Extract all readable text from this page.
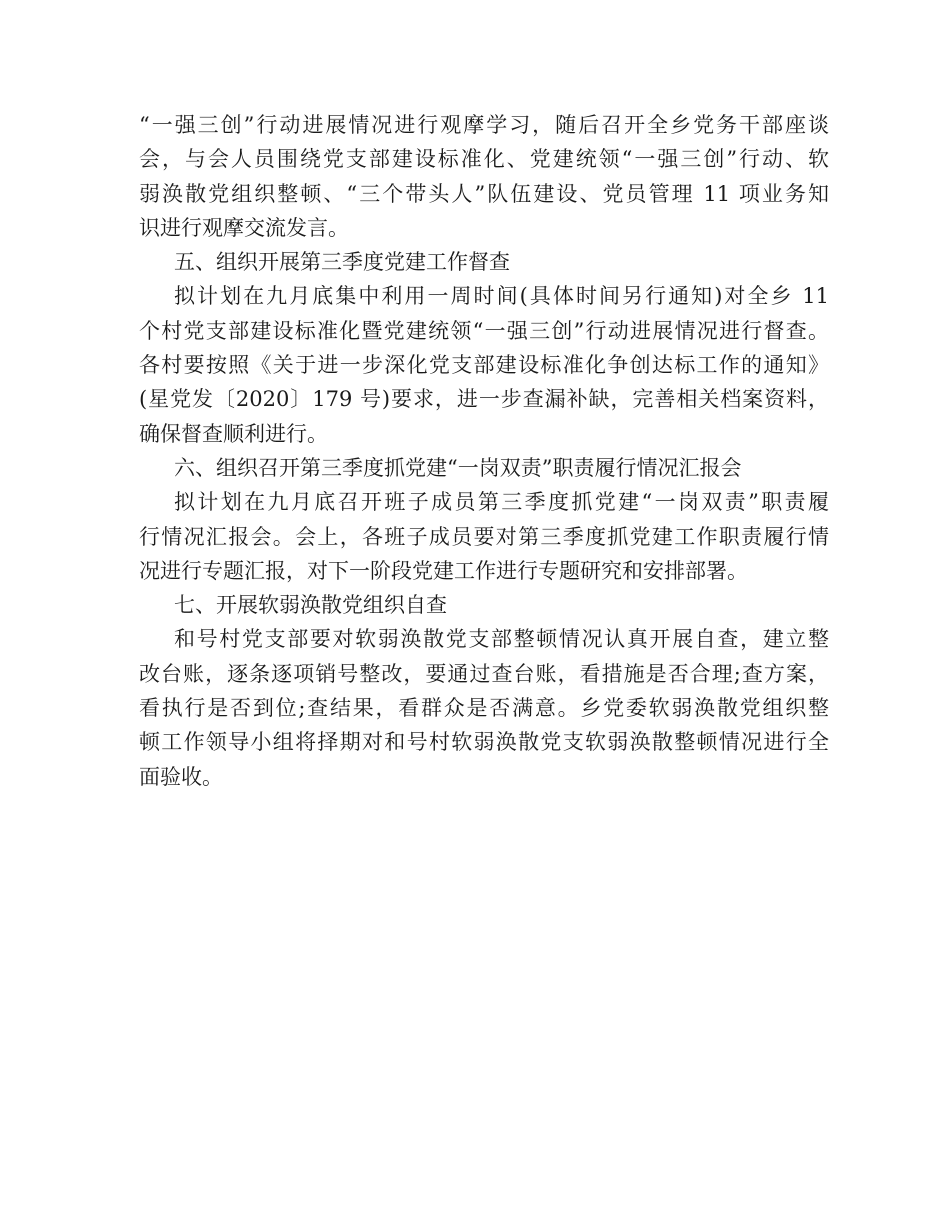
“一强三创”行动进展情况进行观摩学习，随后召开全乡党务干部座谈
会，与会人员围绕党支部建设标准化、党建统领“一强三创”行动、软
弱涣散党组织整顿、“三个带头人”队伍建设、党员管理 11 项业务知
识进行观摩交流发言。
五、组织开展第三季度党建工作督查
拟计划在九月底集中利用一周时间(具体时间另行通知)对全乡 11
个村党支部建设标准化暨党建统领“一强三创”行动进展情况进行督查。
各村要按照《关于进一步深化党支部建设标准化争创达标工作的通知》
(星党发〔2020〕179 号)要求，进一步查漏补缺，完善相关档案资料，
确保督查顺利进行。
六、组织召开第三季度抓党建“一岗双责”职责履行情况汇报会
拟计划在九月底召开班子成员第三季度抓党建“一岗双责”职责履
行情况汇报会。会上，各班子成员要对第三季度抓党建工作职责履行情
况进行专题汇报，对下一阶段党建工作进行专题研究和安排部署。
七、开展软弱涣散党组织自查
和号村党支部要对软弱涣散党支部整顿情况认真开展自查，建立整
改台账，逐条逐项销号整改，要通过查台账，看措施是否合理;查方案，
看执行是否到位;查结果，看群众是否满意。乡党委软弱涣散党组织整
顿工作领导小组将择期对和号村软弱涣散党支软弱涣散整顿情况进行全
面验收。
